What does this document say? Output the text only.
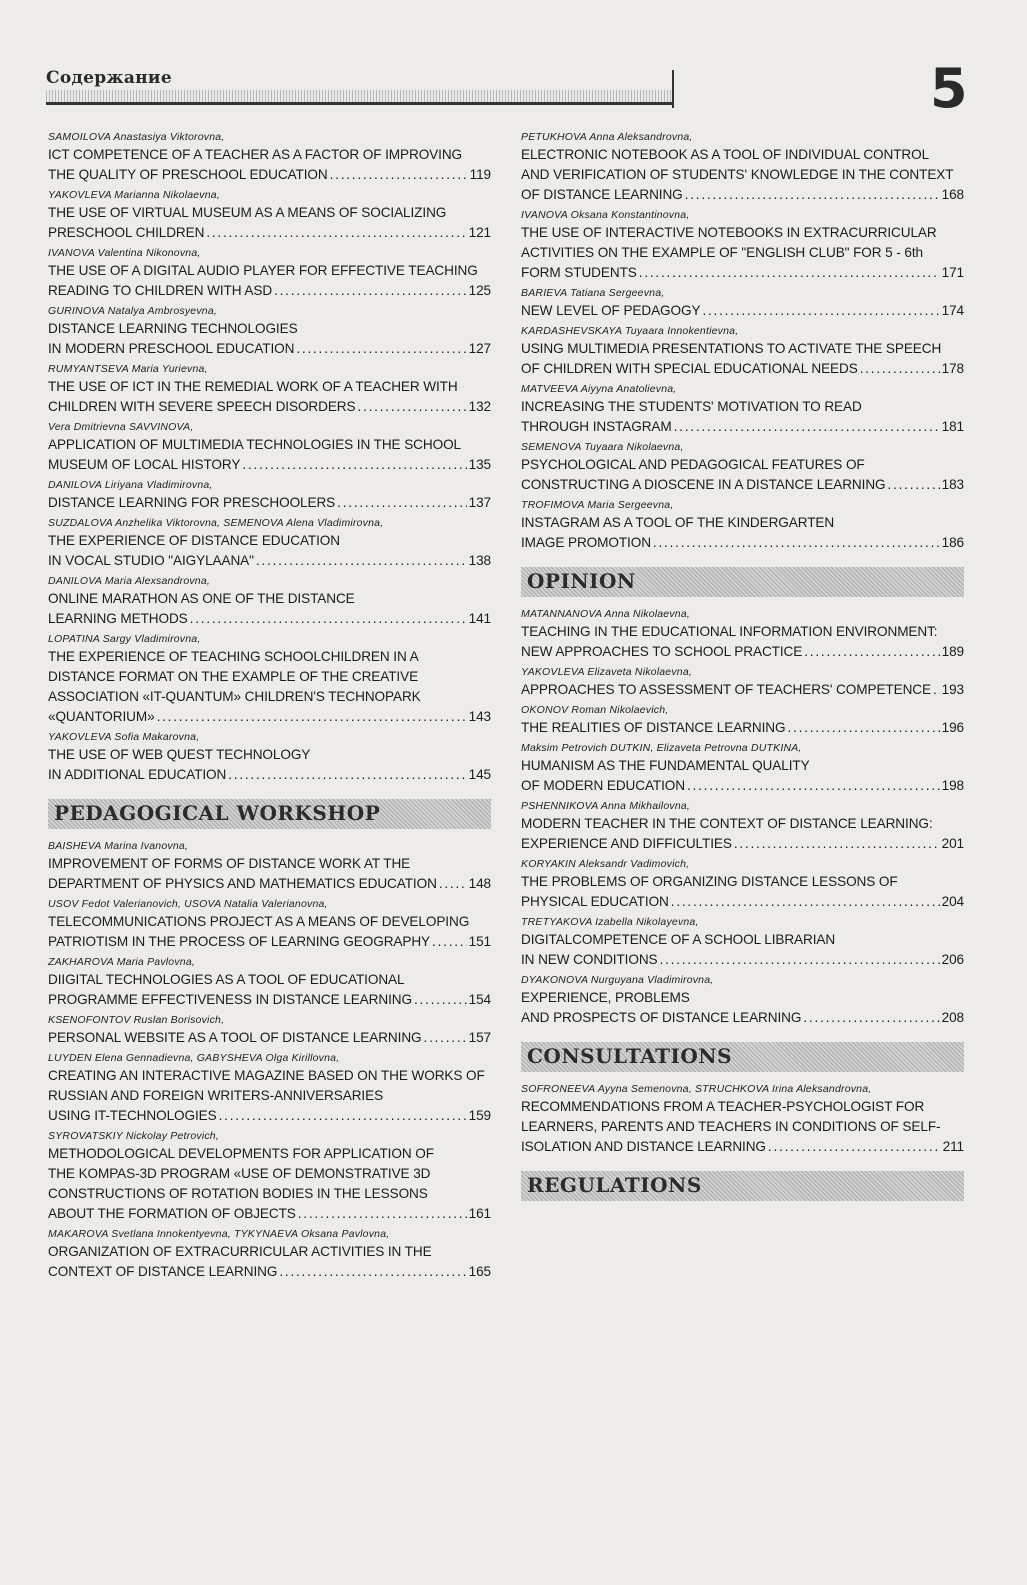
Содержание	5
SAMOILOVA Anastasiya Viktorovna,
ICT COMPETENCE OF A TEACHER AS A FACTOR OF IMPROVING
THE QUALITY OF PRESCHOOL EDUCATION . . .	119
YAKOVLEVA Marianna Nikolaevna,
THE USE OF VIRTUAL MUSEUM AS A MEANS OF SOCIALIZING
PRESCHOOL CHILDREN . . .	121
IVANOVA Valentina Nikonovna,
THE USE OF A DIGITAL AUDIO PLAYER FOR EFFECTIVE TEACHING
READING TO CHILDREN WITH ASD . . .	125
GURINOVA Natalya Ambrosyevna,
DISTANCE LEARNING TECHNOLOGIES
IN MODERN PRESCHOOL EDUCATION . . .	127
RUMYANTSEVA Maria Yurievna,
THE USE OF ICT IN THE REMEDIAL WORK OF A TEACHER WITH
CHILDREN WITH SEVERE SPEECH DISORDERS . . .	132
Vera Dmitrievna SAVVINOVA,
APPLICATION OF MULTIMEDIA TECHNOLOGIES IN THE SCHOOL
MUSEUM OF LOCAL HISTORY . . .	135
DANILOVA Liriyana Vladimirovna,
DISTANCE LEARNING FOR PRESCHOOLERS . . .	137
SUZDALOVA Anzhelika Viktorovna, SEMENOVA Alena Vladimirovna,
THE EXPERIENCE OF DISTANCE EDUCATION
IN VOCAL STUDIO "AIGYLAANA" . . .	138
DANILOVA Maria Alexsandrovna,
ONLINE MARATHON AS ONE OF THE DISTANCE
LEARNING METHODS . . .	141
LOPATINA Sargy Vladimirovna,
THE EXPERIENCE OF TEACHING SCHOOLCHILDREN IN A
DISTANCE FORMAT ON THE EXAMPLE OF THE CREATIVE
ASSOCIATION «IT-QUANTUM» CHILDREN'S TECHNOPARK
«QUANTORIUM» . . .	143
YAKOVLEVA Sofia Makarovna,
THE USE OF WEB QUEST TECHNOLOGY
IN ADDITIONAL EDUCATION . . .	145
PEDAGOGICAL WORKSHOP
BAISHEVA Marina Ivanovna,
IMPROVEMENT OF FORMS OF DISTANCE WORK AT THE
DEPARTMENT OF PHYSICS AND MATHEMATICS EDUCATION . . . 148
USOV Fedot Valerianovich, USOVA Natalia Valerianovna,
TELECOMMUNICATIONS PROJECT AS A MEANS OF DEVELOPING
PATRIOTISM IN THE PROCESS OF LEARNING GEOGRAPHY . . .	151
ZAKHAROVA Maria Pavlovna,
DIIGITAL TECHNOLOGIES AS A TOOL OF EDUCATIONAL
PROGRAMME EFFECTIVENESS IN DISTANCE LEARNING . . .	154
KSENOFONTOV Ruslan Borisovich,
PERSONAL WEBSITE AS A TOOL OF DISTANCE LEARNING . . .	157
LUYDEN Elena Gennadievna, GABYSHEVA Olga Kirillovna,
CREATING AN INTERACTIVE MAGAZINE BASED ON THE WORKS OF
RUSSIAN AND FOREIGN WRITERS-ANNIVERSARIES
USING IT-TECHNOLOGIES . . .	159
SYROVATSKIY Nickolay Petrovich,
METHODOLOGICAL DEVELOPMENTS FOR APPLICATION OF
THE KOMPAS-3D PROGRAM «USE OF DEMONSTRATIVE 3D
CONSTRUCTIONS OF ROTATION BODIES IN THE LESSONS
ABOUT THE FORMATION OF OBJECTS . . .	161
MAKAROVA Svetlana Innokentyevna, TYKYNAEVA Oksana Pavlovna,
ORGANIZATION OF EXTRACURRICULAR ACTIVITIES IN THE
CONTEXT OF DISTANCE LEARNING . . .	165
PETUKHOVA Anna Aleksandrovna,
ELECTRONIC NOTEBOOK AS A TOOL OF INDIVIDUAL CONTROL
AND VERIFICATION OF STUDENTS' KNOWLEDGE IN THE CONTEXT
OF DISTANCE LEARNING . . .	168
IVANOVA Oksana Konstantinovna,
THE USE OF INTERACTIVE NOTEBOOKS IN EXTRACURRICULAR
ACTIVITIES ON THE EXAMPLE OF "ENGLISH CLUB" FOR 5 - 6th
FORM STUDENTS . . .	171
BARIEVA Tatiana Sergeevna,
NEW LEVEL OF PEDAGOGY . . .	174
KARDASHEVSKAYA Tuyaara Innokentievna,
USING MULTIMEDIA PRESENTATIONS TO ACTIVATE THE SPEECH
OF CHILDREN WITH SPECIAL EDUCATIONAL NEEDS . . .	178
MATVEEVA Aiyyna Anatolievna,
INCREASING THE STUDENTS' MOTIVATION TO READ
THROUGH INSTAGRAM . . .	181
SEMENOVA Tuyaara Nikolaevna,
PSYCHOLOGICAL AND PEDAGOGICAL FEATURES OF
CONSTRUCTING A DIOSCENE IN A DISTANCE LEARNING . . .	183
TROFIMOVA Maria Sergeevna,
INSTAGRAM AS A TOOL OF THE KINDERGARTEN
IMAGE PROMOTION . . .	186
OPINION
MATANNANOVA Anna Nikolaevna,
TEACHING IN THE EDUCATIONAL INFORMATION ENVIRONMENT:
NEW APPROACHES TO SCHOOL PRACTICE . . .	189
YAKOVLEVA Elizaveta Nikolaevna,
APPROACHES TO ASSESSMENT OF TEACHERS' COMPETENCE . . . 193
OKONOV Roman Nikolaevich,
THE REALITIES OF DISTANCE LEARNING . . .	196
Maksim Petrovich DUTKIN, Elizaveta Petrovna DUTKINA,
HUMANISM AS THE FUNDAMENTAL QUALITY
OF MODERN EDUCATION . . .	198
PSHENNIKOVA Anna Mikhailovna,
MODERN TEACHER IN THE CONTEXT OF DISTANCE LEARNING:
EXPERIENCE AND DIFFICULTIES . . .	201
KORYAKIN Aleksandr Vadimovich,
THE PROBLEMS OF ORGANIZING DISTANCE LESSONS OF
PHYSICAL EDUCATION . . .	204
TRETYAKOVA Izabella Nikolayevna,
DIGITALCOMPETENCE OF A SCHOOL LIBRARIAN
IN NEW CONDITIONS . . .	206
DYAKONOVA Nurguyana Vladimirovna,
EXPERIENCE, PROBLEMS
AND PROSPECTS OF DISTANCE LEARNING . . .	208
CONSULTATIONS
SOFRONEEVA Ayyna Semenovna, STRUCHKOVA Irina Aleksandrovna,
RECOMMENDATIONS FROM A TEACHER-PSYCHOLOGIST FOR
LEARNERS, PARENTS AND TEACHERS IN CONDITIONS OF SELF-
ISOLATION AND DISTANCE LEARNING . . .	211
REGULATIONS
